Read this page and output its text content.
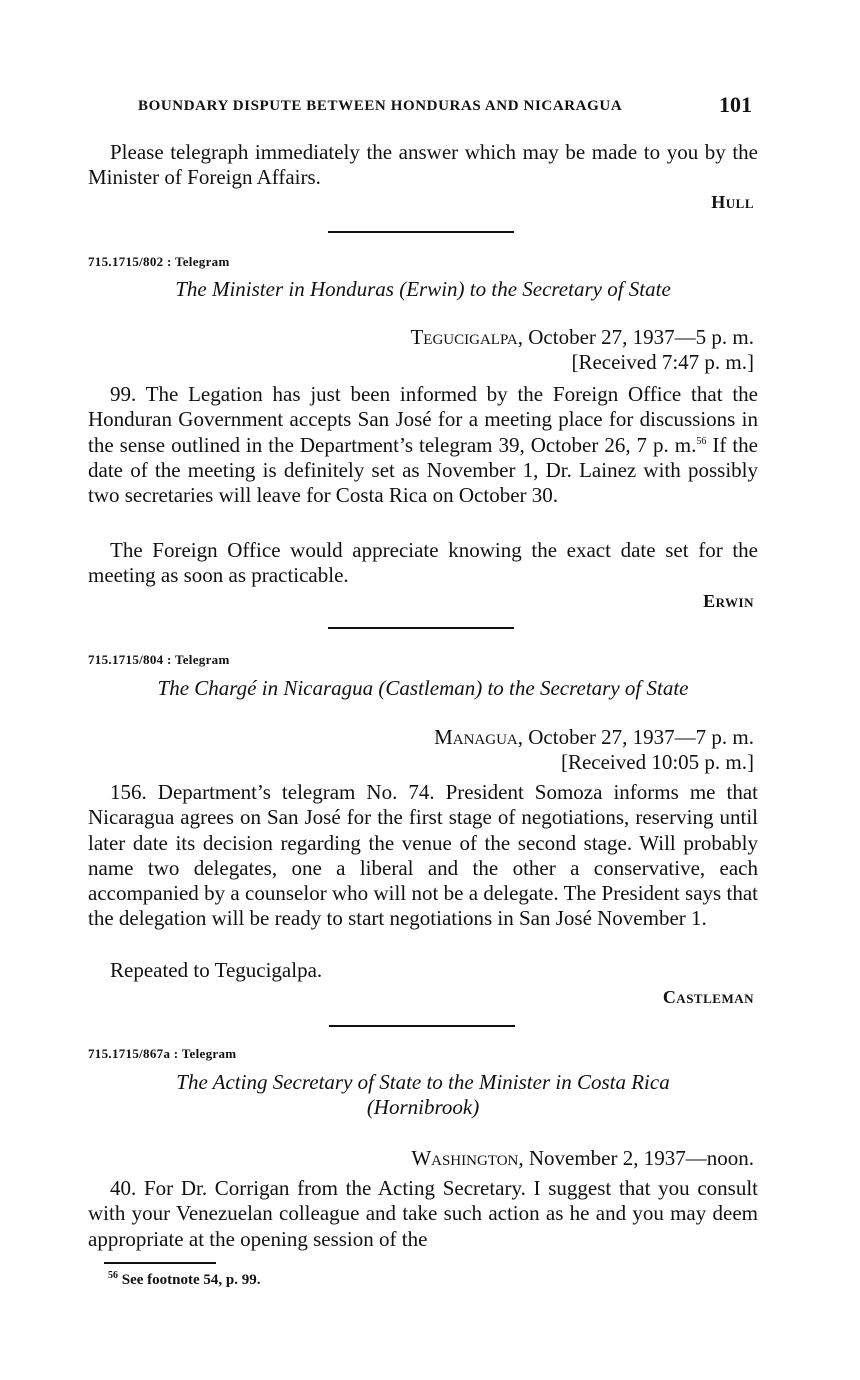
BOUNDARY DISPUTE BETWEEN HONDURAS AND NICARAGUA	101

Please telegraph immediately the answer which may be made to you by the Minister of Foreign Affairs.

Hull
715.1715/802 : Telegram
The Minister in Honduras (Erwin) to the Secretary of State
Tegucigalpa, October 27, 1937—5 p. m.
[Received 7:47 p. m.]

99. The Legation has just been informed by the Foreign Office that the Honduran Government accepts San José for a meeting place for discussions in the sense outlined in the Department’s telegram 39, October 26, 7 p. m.$^{56}$ If the date of the meeting is definitely set as November 1, Dr. Lainez with possibly two secretaries will leave for Costa Rica on October 30.

The Foreign Office would appreciate knowing the exact date set for the meeting as soon as practicable.

Erwin
715.1715/804 : Telegram
The Chargé in Nicaragua (Castleman) to the Secretary of State
Managua, October 27, 1937—7 p. m.
[Received 10:05 p. m.]

156. Department’s telegram No. 74. President Somoza informs me that Nicaragua agrees on San José for the first stage of negotiations, reserving until later date its decision regarding the venue of the second stage. Will probably name two delegates, one a liberal and the other a conservative, each accompanied by a counselor who will not be a delegate. The President says that the delegation will be ready to start negotiations in San José November 1.

Repeated to Tegucigalpa.

Castleman
715.1715/867a : Telegram
The Acting Secretary of State to the Minister in Costa Rica
(Hornibrook)
Washington, November 2, 1937—noon.

40. For Dr. Corrigan from the Acting Secretary. I suggest that you consult with your Venezuelan colleague and take such action as he and you may deem appropriate at the opening session of the

$^{56}$ See footnote 54, p. 99.
